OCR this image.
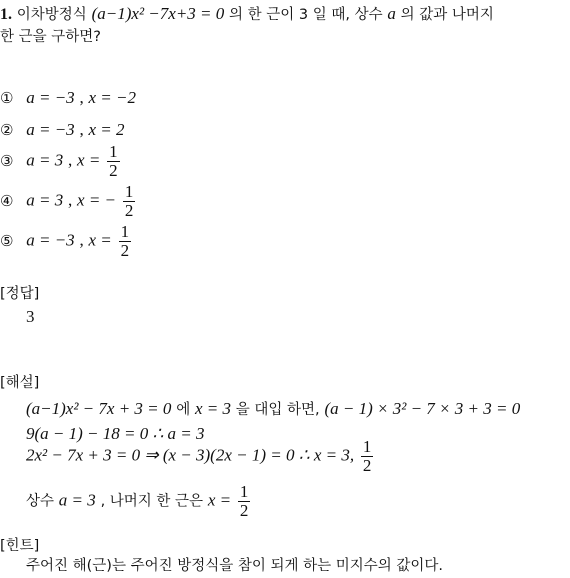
1. 이차방정식 (a−1)x² −7x+3 = 0 의 한 근이 3 일 때, 상수 a 의 값과 나머지
한 근을 구하면?
① a = −3 , x = −2
② a = −3 , x = 2
③ a = 3 , $x = \frac{1}{2}$
④ a = 3 , x = − $\frac{1}{2}$
⑤ a = −3 , $x = \frac{1}{2}$
[정답]
3
[해설]
(a−1)x² − 7x + 3 = 0 에 x = 3 을 대입 하면, (a − 1) × 3² − 7 × 3 + 3 = 0
9(a − 1) − 18 = 0 ∴ a = 3
2x² − 7x + 3 = 0 ⇒ (x − 3)(2x − 1) = 0 ∴ x = 3, $\frac{1}{2}$
상수 a = 3 , 나머지 한 근은 $x = \frac{1}{2}$
[힌트]
주어진 해(근)는 주어진 방정식을 참이 되게 하는 미지수의 값이다.
